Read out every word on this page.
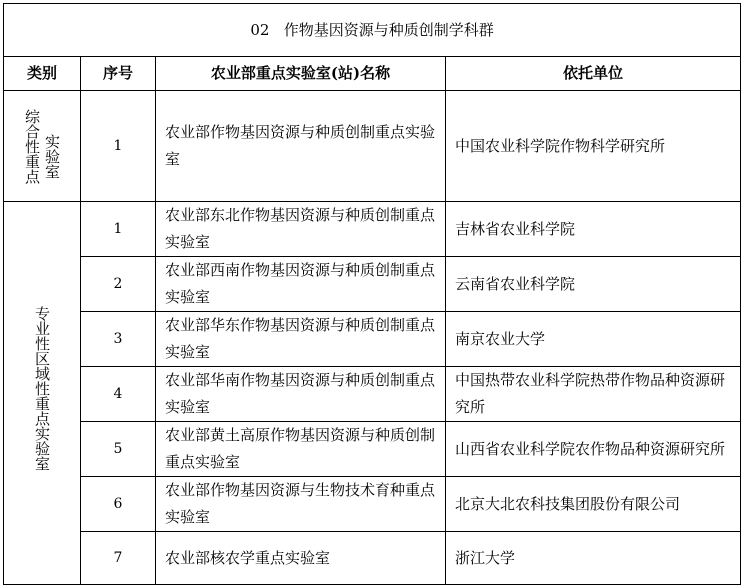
02   作物基因资源与种质创制学科群			
类别	序号	农业部重点实验室(站)名称	依托单位

综合性重点 实验室	1	农业部作物基因资源与种质创制重点实验室	中国农业科学院作物科学研究所
专业性区域性重点实验室	1	农业部东北作物基因资源与种质创制重点实验室	吉林省农业科学院
	2	农业部西南作物基因资源与种质创制重点实验室	云南省农业科学院
	3	农业部华东作物基因资源与种质创制重点实验室	南京农业大学
	4	农业部华南作物基因资源与种质创制重点实验室	中国热带农业科学院热带作物品种资源研究所
	5	农业部黄土高原作物基因资源与种质创制重点实验室	山西省农业科学院农作物品种资源研究所
	6	农业部作物基因资源与生物技术育种重点实验室	北京大北农科技集团股份有限公司
	7	农业部核农学重点实验室	浙江大学
